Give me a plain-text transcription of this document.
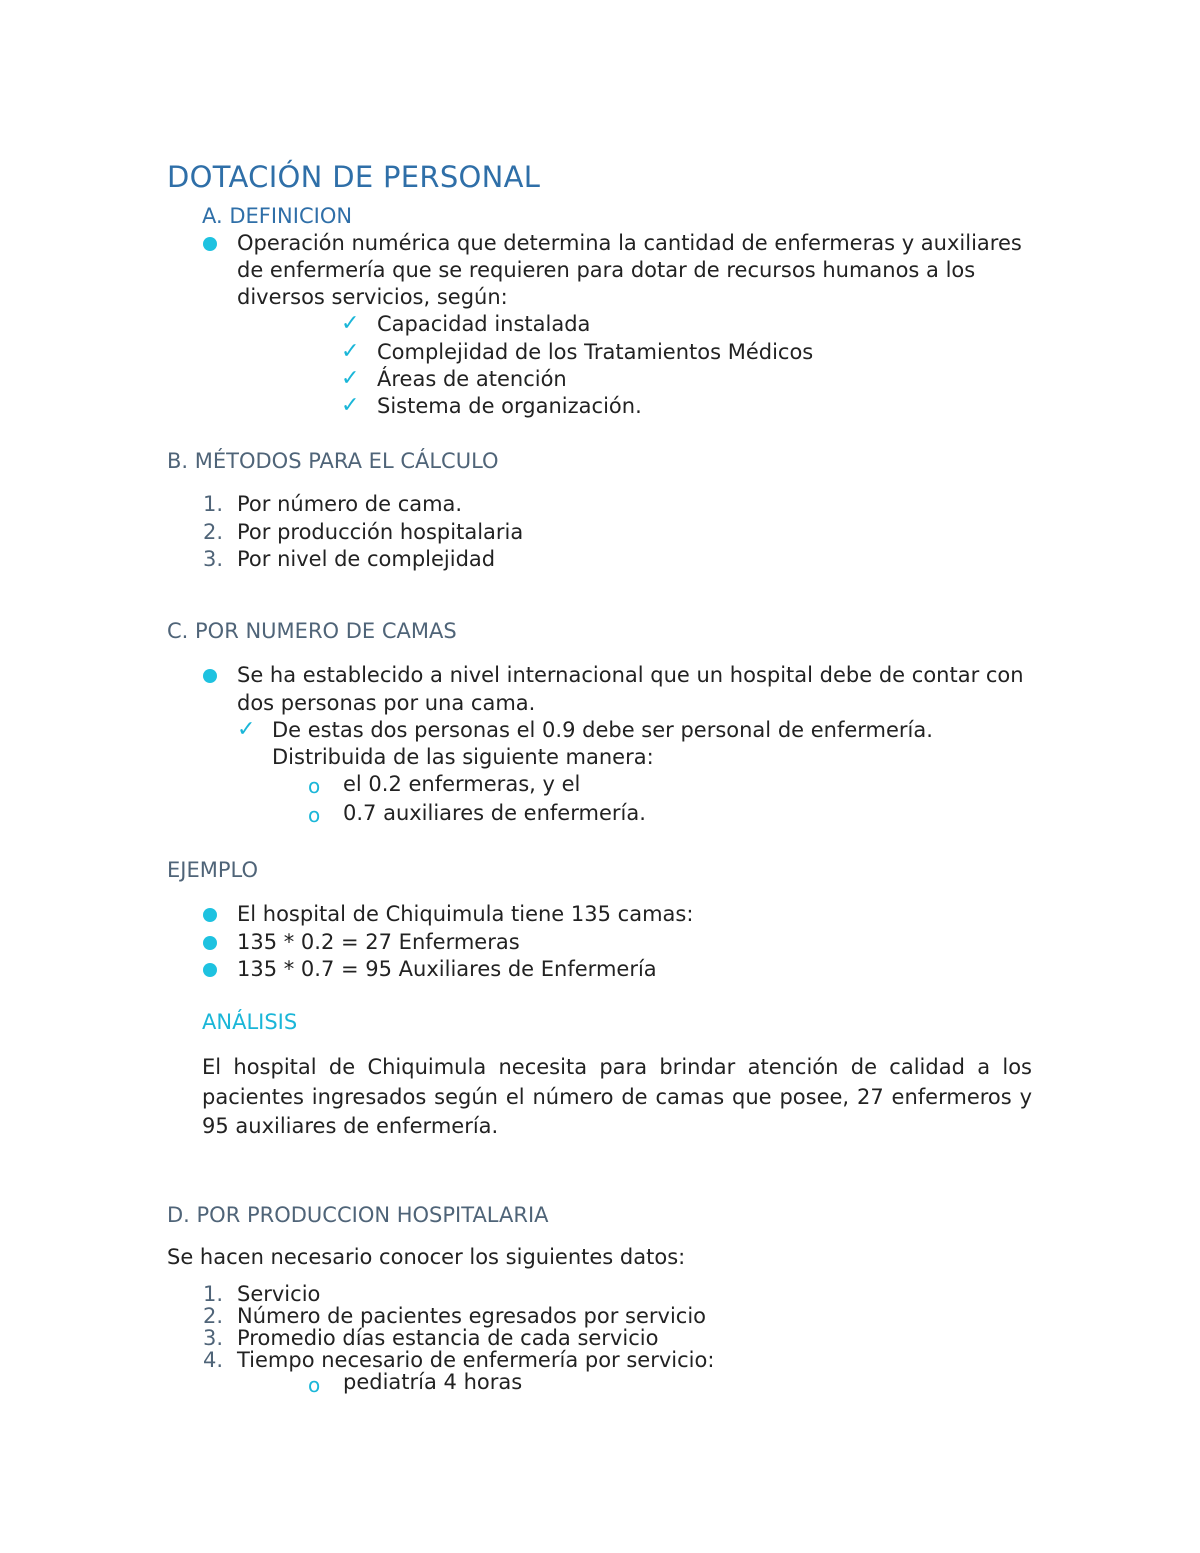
DOTACIÓN DE PERSONAL
A. DEFINICION
Operación numérica que determina la cantidad de enfermeras y auxiliares
de enfermería que se requieren para dotar de recursos humanos a los
diversos servicios, según:
✓ Capacidad instalada
✓ Complejidad de los Tratamientos Médicos
✓ Áreas de atención
✓ Sistema de organización.
B. MÉTODOS PARA EL CÁLCULO
1. Por número de cama.
2. Por producción hospitalaria
3. Por nivel de complejidad
C. POR NUMERO DE CAMAS
Se ha establecido a nivel internacional que un hospital debe de contar con
dos personas por una cama.
✓ De estas dos personas el 0.9 debe ser personal de enfermería.
Distribuida de las siguiente manera:
o el 0.2 enfermeras, y el
o 0.7 auxiliares de enfermería.
EJEMPLO
El hospital de Chiquimula tiene 135 camas:
135 * 0.2 = 27 Enfermeras
135 * 0.7 = 95 Auxiliares de Enfermería
ANÁLISIS
El hospital de Chiquimula necesita para brindar atención de calidad a los
pacientes ingresados según el número de camas que posee, 27 enfermeros y
95 auxiliares de enfermería.
D. POR PRODUCCION HOSPITALARIA
Se hacen necesario conocer los siguientes datos:
1. Servicio
2. Número de pacientes egresados por servicio
3. Promedio días estancia de cada servicio
4. Tiempo necesario de enfermería por servicio:
o pediatría 4 horas
